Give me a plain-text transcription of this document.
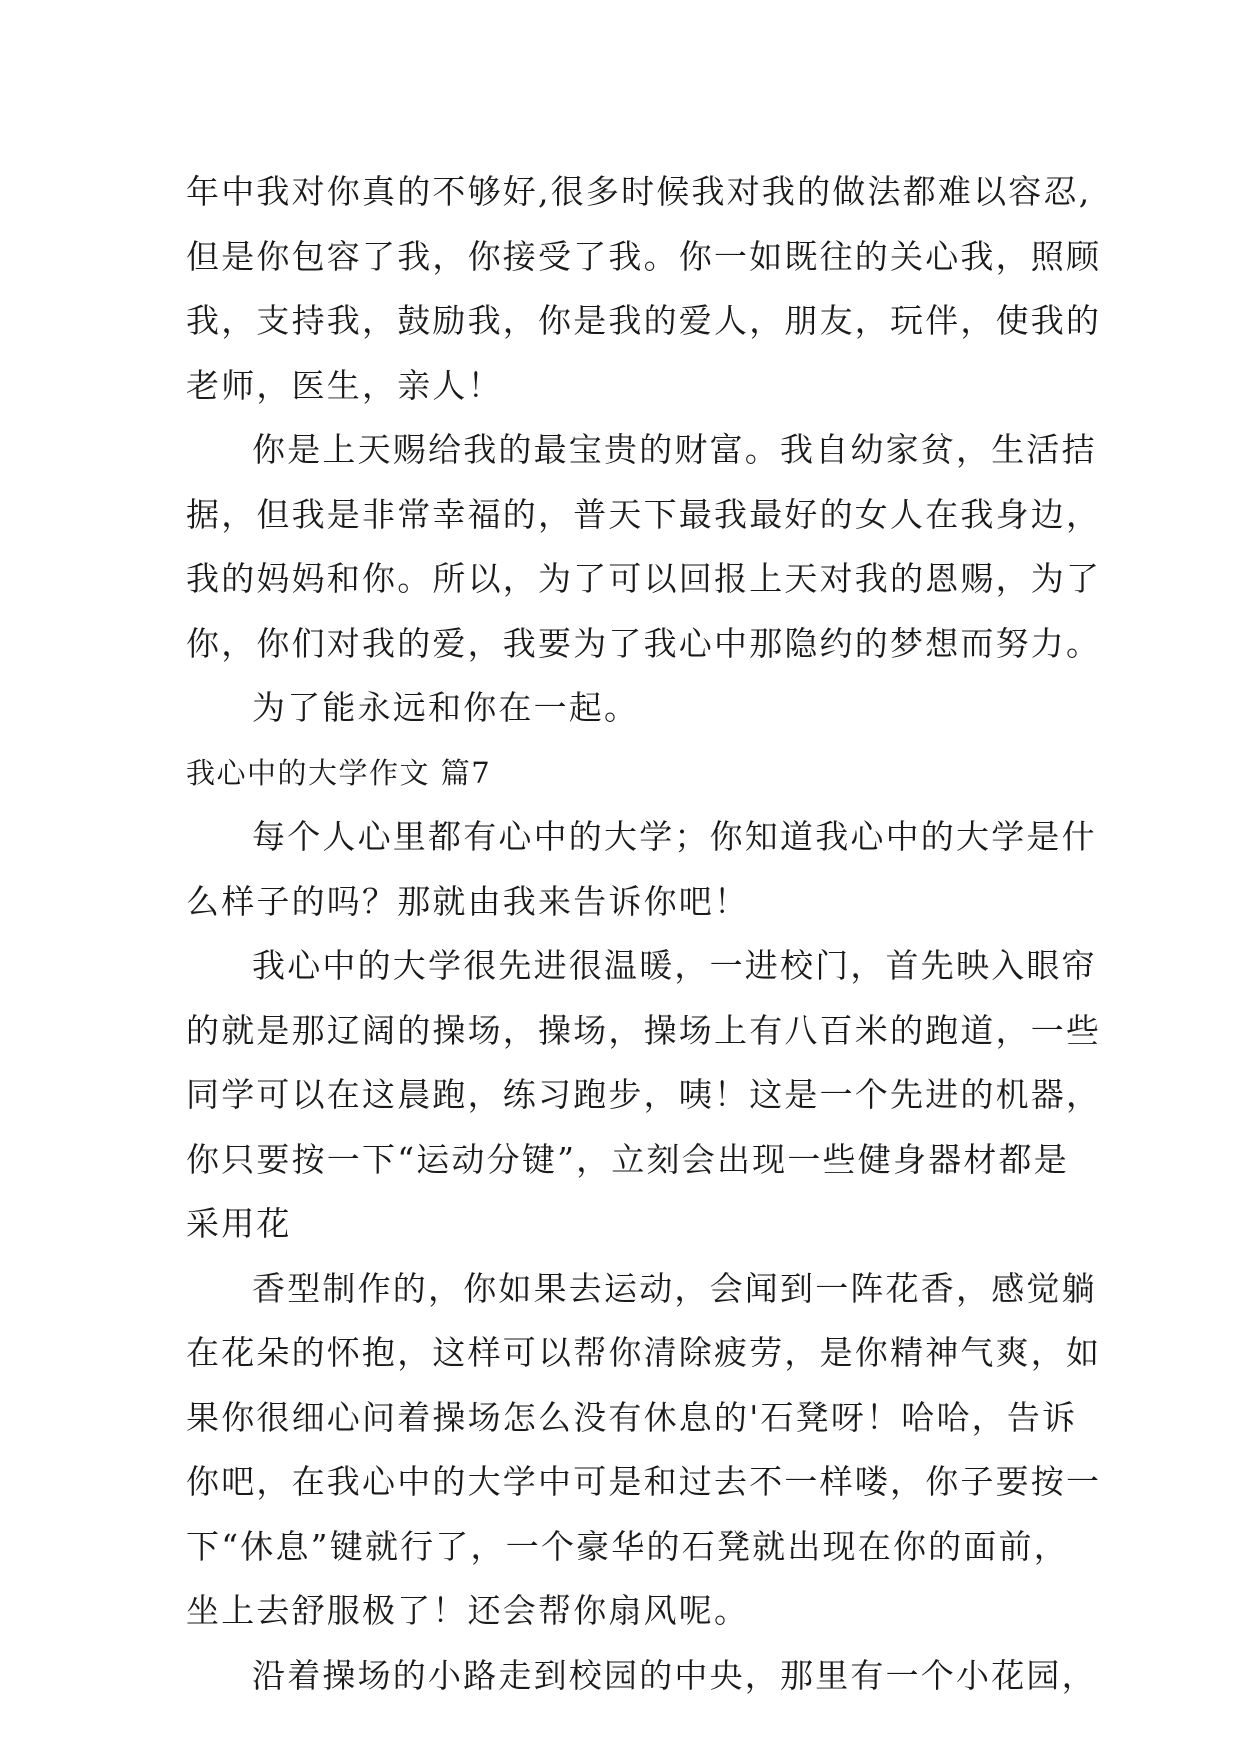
年中我对你真的不够好,很多时候我对我的做法都难以容忍,
但是你包容了我，你接受了我。你一如既往的关心我，照顾
我，支持我，鼓励我，你是我的爱人，朋友，玩伴，使我的
老师，医生，亲人！
你是上天赐给我的最宝贵的财富。我自幼家贫，生活拮
据，但我是非常幸福的，普天下最我最好的女人在我身边，
我的妈妈和你。所以，为了可以回报上天对我的恩赐，为了
你，你们对我的爱，我要为了我心中那隐约的梦想而努力。
为了能永远和你在一起。
我心中的大学作文 篇7
每个人心里都有心中的大学；你知道我心中的大学是什
么样子的吗？那就由我来告诉你吧！
我心中的大学很先进很温暖，一进校门，首先映入眼帘
的就是那辽阔的操场，操场，操场上有八百米的跑道，一些
同学可以在这晨跑，练习跑步，咦！这是一个先进的机器，
你只要按一下“运动分键”，立刻会出现一些健身器材都是
采用花
香型制作的，你如果去运动，会闻到一阵花香，感觉躺
在花朵的怀抱，这样可以帮你清除疲劳，是你精神气爽，如
果你很细心问着操场怎么没有休息的'石凳呀！哈哈，告诉
你吧，在我心中的大学中可是和过去不一样喽，你子要按一
下“休息”键就行了，一个豪华的石凳就出现在你的面前，
坐上去舒服极了！还会帮你扇风呢。
沿着操场的小路走到校园的中央，那里有一个小花园，
